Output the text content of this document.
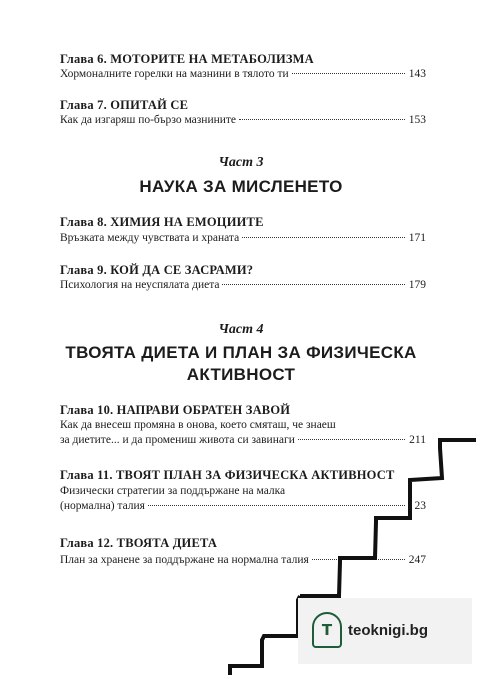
Глава 6. МОТОРИТЕ НА МЕТАБОЛИЗМА
Хормоналните горелки на мазнини в тялото ти	143
Глава 7. ОПИТАЙ СЕ
Как да изгаряш по-бързо мазнините	153
Част 3
НАУКА ЗА МИСЛЕНЕТО
Глава 8. ХИМИЯ НА ЕМОЦИИТЕ
Връзката между чувствата и храната	171
Глава 9. КОЙ ДА СЕ ЗАСРАМИ?
Психология на неуспялата диета	179
Част 4
ТВОЯТА ДИЕТА И ПЛАН ЗА ФИЗИЧЕСКА
АКТИВНОСТ
Глава 10. НАПРАВИ ОБРАТЕН ЗАВОЙ
Как да внесеш промяна в онова, което смяташ, че знаеш
за диетите... и да промениш живота си завинаги	211
Глава 11. ТВОЯТ ПЛАН ЗА ФИЗИЧЕСКА АКТИВНОСТ
Физически стратегии за поддържане на малка
(нормална) талия	23
Глава 12. ТВОЯТА ДИЕТА
План за хранене за поддържане на нормална талия	247
T	teoknigi.bg
